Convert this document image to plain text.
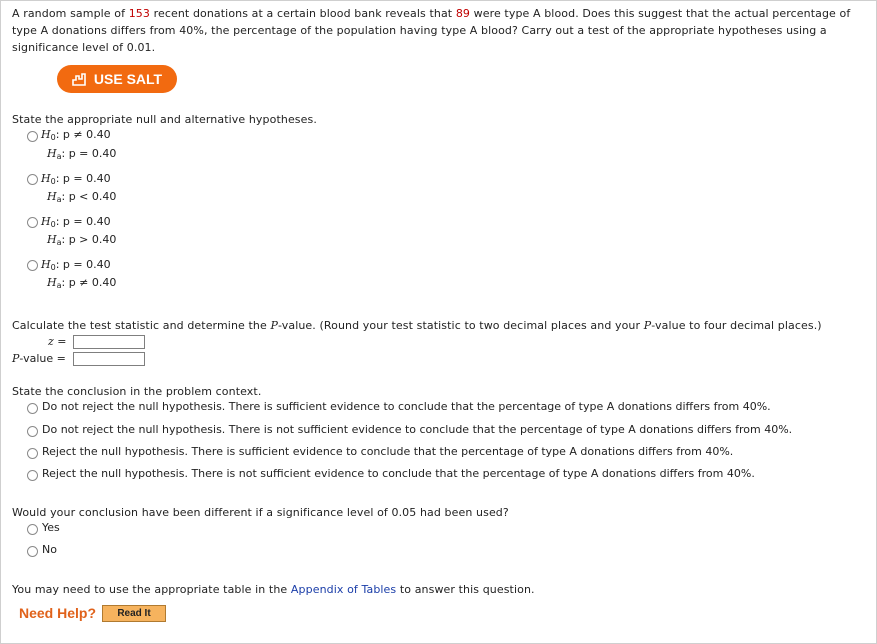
A random sample of 153 recent donations at a certain blood bank reveals that 89 were type A blood. Does this suggest that the actual percentage of
type A donations differs from 40%, the percentage of the population having type A blood? Carry out a test of the appropriate hypotheses using a
significance level of 0.01.
USE SALT
State the appropriate null and alternative hypotheses.
$H_0$: p ≠ 0.40
$H_a$: p = 0.40
$H_0$: p = 0.40
$H_a$: p < 0.40
$H_0$: p = 0.40
$H_a$: p > 0.40
$H_0$: p = 0.40
$H_a$: p ≠ 0.40
Calculate the test statistic and determine the P-value. (Round your test statistic to two decimal places and your P-value to four decimal places.)
z =
P-value =
State the conclusion in the problem context.
Do not reject the null hypothesis. There is sufficient evidence to conclude that the percentage of type A donations differs from 40%.
Do not reject the null hypothesis. There is not sufficient evidence to conclude that the percentage of type A donations differs from 40%.
Reject the null hypothesis. There is sufficient evidence to conclude that the percentage of type A donations differs from 40%.
Reject the null hypothesis. There is not sufficient evidence to conclude that the percentage of type A donations differs from 40%.
Would your conclusion have been different if a significance level of 0.05 had been used?
Yes
No
You may need to use the appropriate table in the Appendix of Tables to answer this question.
Need Help?	Read It
